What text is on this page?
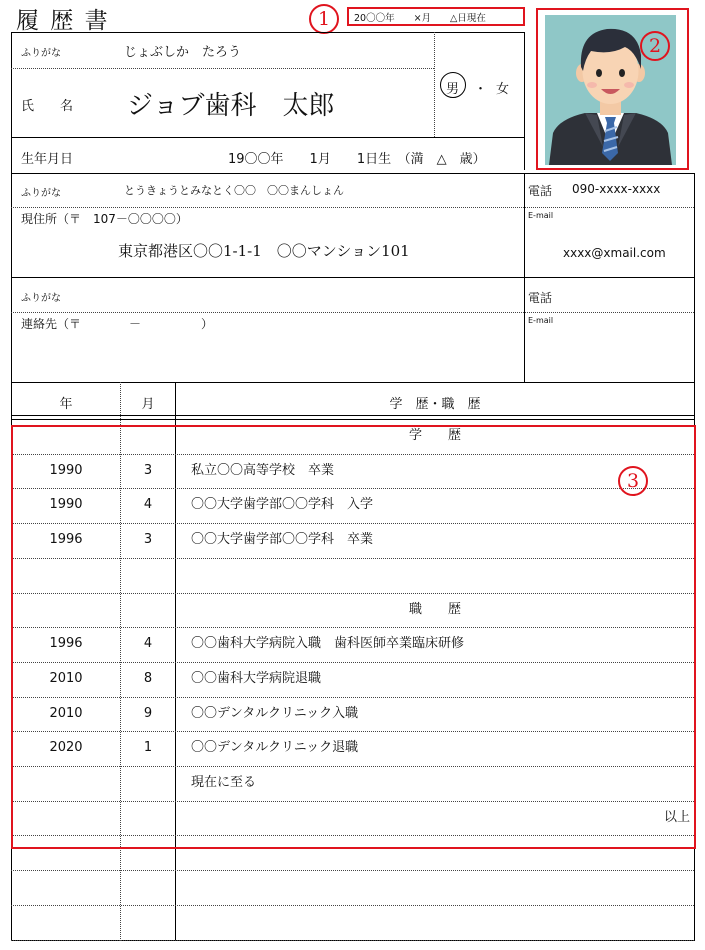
履 歴 書	1	20〇〇年　　×月　　△日現在
2
ふりがな	じょぶしか　たろう
氏　　名 ジョブ歯科　太郎
男 ・ 女
生年月日	19〇〇年　　1月　　1日生　（満　△　歳）
ふりがな	とうきょうとみなとく〇〇　〇〇まんしょん
現住所（〒　107－〇〇〇〇）
東京都港区〇〇1-1-1　〇〇マンション101
電話 090-xxxx-xxxx
E-mail
xxxx@xmail.com
ふりがな
連絡先（〒　　　　－　　　　　）
電話
E-mail
年	月	学　歴・職　歴
学　　歴
1990	3	私立〇〇高等学校　卒業
1990	4	〇〇大学歯学部〇〇学科　入学
1996	3	〇〇大学歯学部〇〇学科　卒業
職　　歴
1996	4	〇〇歯科大学病院入職　歯科医師卒業臨床研修
2010	8	〇〇歯科大学病院退職
2010	9	〇〇デンタルクリニック入職
2020	1	〇〇デンタルクリニック退職
現在に至る
以上
3
